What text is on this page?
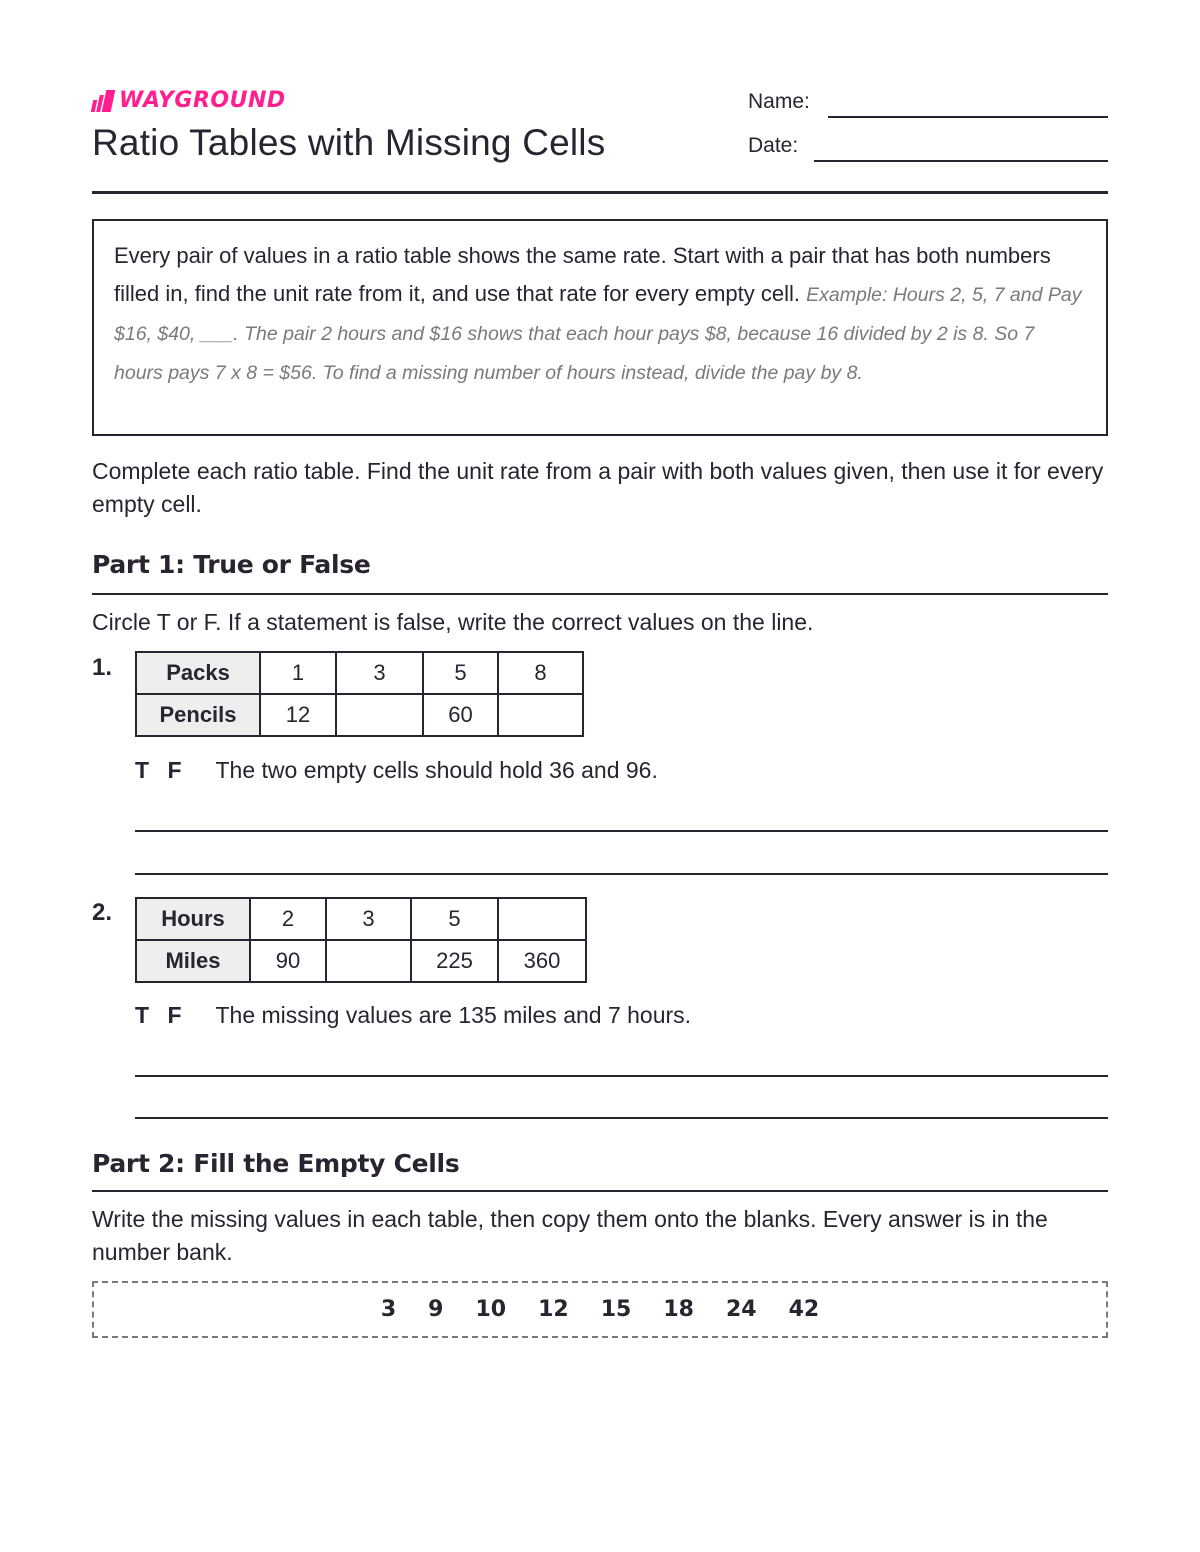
WAYGROUND
Ratio Tables with Missing Cells
Name:
Date:
Every pair of values in a ratio table shows the same rate. Start with a pair that has both numbers filled in, find the unit rate from it, and use that rate for every empty cell. Example: Hours 2, 5, 7 and Pay $16, $40, ___. The pair 2 hours and $16 shows that each hour pays $8, because 16 divided by 2 is 8. So 7 hours pays 7 x 8 = $56. To find a missing number of hours instead, divide the pay by 8.

Complete each ratio table. Find the unit rate from a pair with both values given, then use it for every empty cell.

Part 1: True or False

Circle T or F. If a statement is false, write the correct values on the line.

1. Packs	1	3	5	8
Pencils	12		60	
T F The two empty cells should hold 36 and 96.
2. Hours	2	3	5	
Miles	90		225	360
T F The missing values are 135 miles and 7 hours.
Part 2: Fill the Empty Cells

Write the missing values in each table, then copy them onto the blanks. Every answer is in the number bank.

3 9 10 12 15 18 24 42
